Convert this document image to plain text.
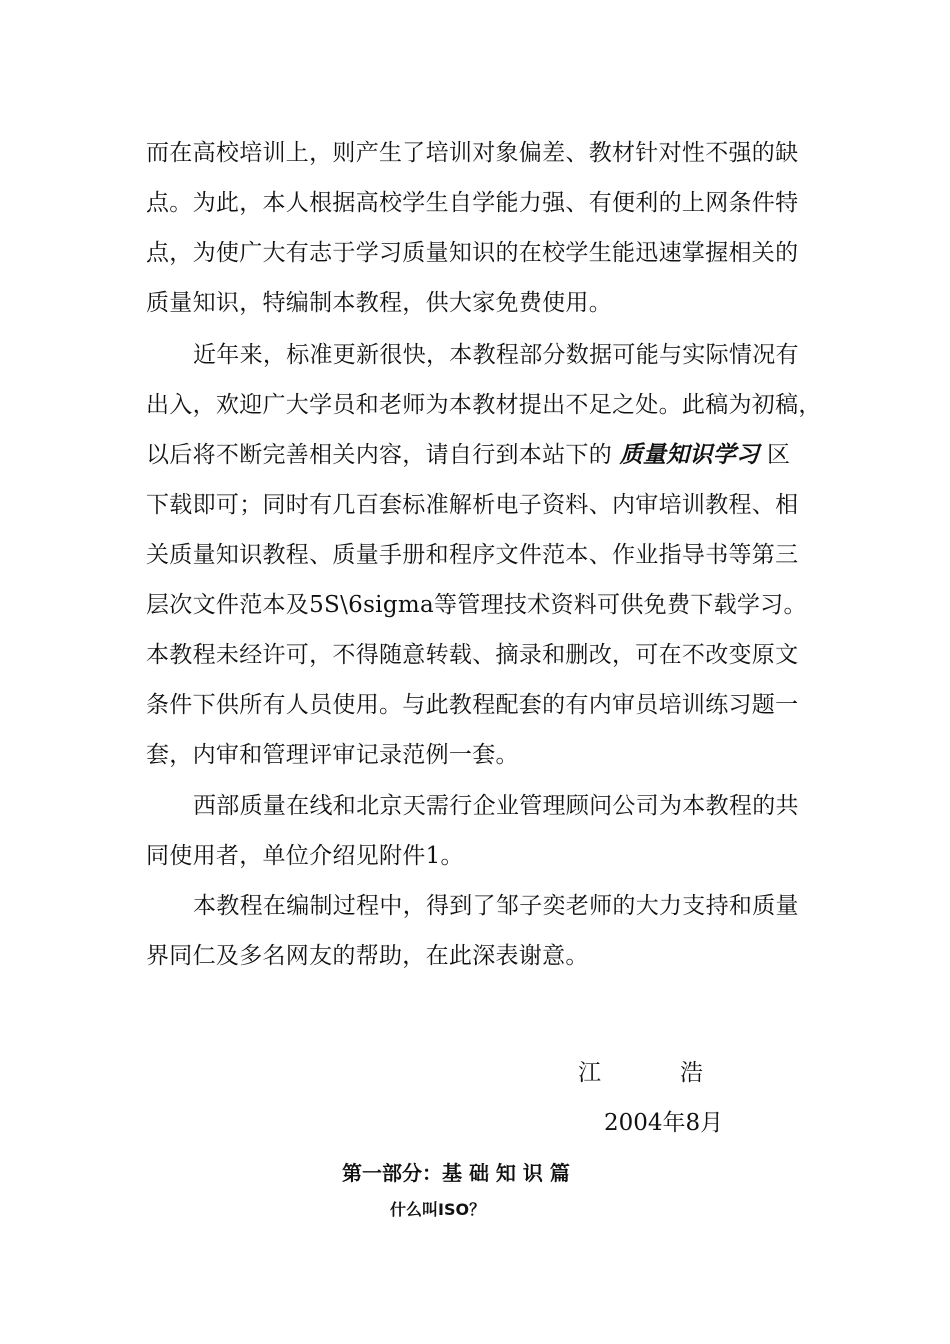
而在高校培训上，则产生了培训对象偏差、教材针对性不强的缺
点。为此，本人根据高校学生自学能力强、有便利的上网条件特
点，为使广大有志于学习质量知识的在校学生能迅速掌握相关的
质量知识，特编制本教程，供大家免费使用。
近年来，标准更新很快，本教程部分数据可能与实际情况有
出入，欢迎广大学员和老师为本教材提出不足之处。此稿为初稿，
以后将不断完善相关内容，请自行到本站下的 质量知识学习 区
下载即可；同时有几百套标准解析电子资料、内审培训教程、相
关质量知识教程、质量手册和程序文件范本、作业指导书等第三
层次文件范本及5S\6sigma等管理技术资料可供免费下载学习。
本教程未经许可，不得随意转载、摘录和删改，可在不改变原文
条件下供所有人员使用。与此教程配套的有内审员培训练习题一
套，内审和管理评审记录范例一套。
西部质量在线和北京天需行企业管理顾问公司为本教程的共
同使用者，单位介绍见附件1。
本教程在编制过程中，得到了邹子奕老师的大力支持和质量
界同仁及多名网友的帮助，在此深表谢意。
江	浩
2004年8月
第一部分：基 础 知 识 篇
什么叫ISO？
